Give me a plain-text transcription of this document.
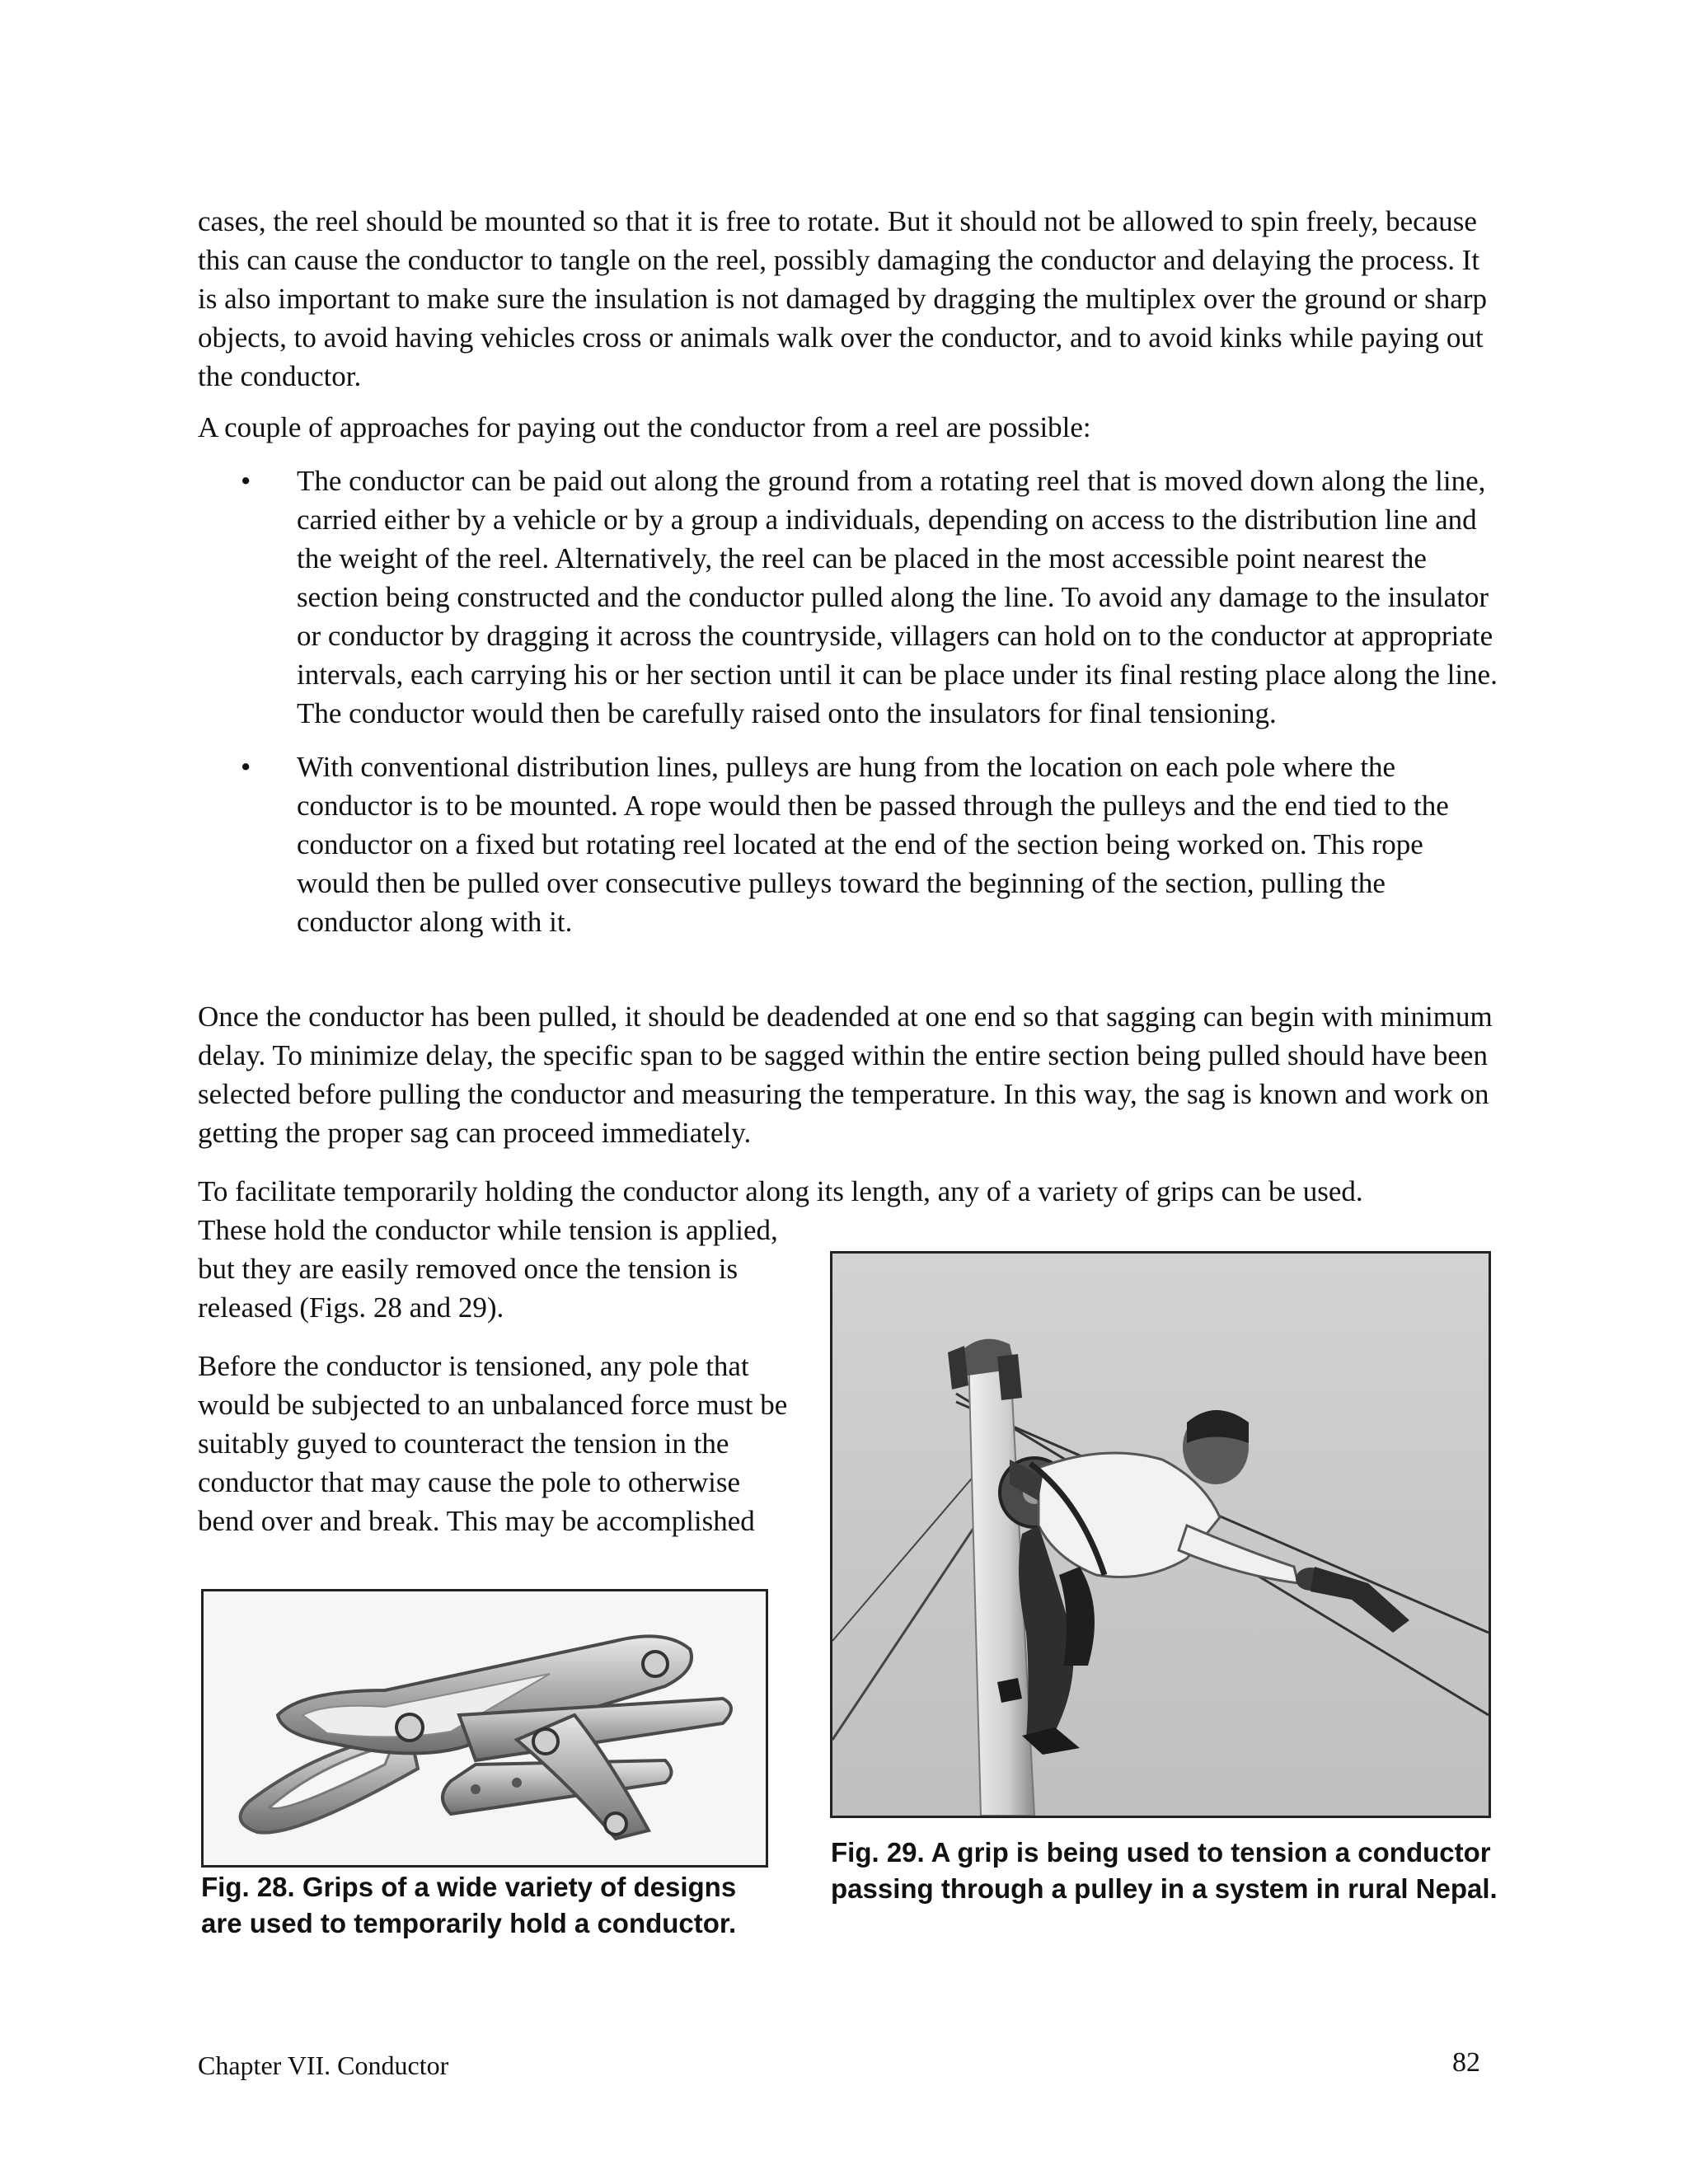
cases, the reel should be mounted so that it is free to rotate. But it should not be allowed to spin freely, because this can cause the conductor to tangle on the reel, possibly damaging the conductor and delaying the process. It is also important to make sure the insulation is not damaged by dragging the multiplex over the ground or sharp objects, to avoid having vehicles cross or animals walk over the conductor, and to avoid kinks while paying out the conductor.

A couple of approaches for paying out the conductor from a reel are possible:

• The conductor can be paid out along the ground from a rotating reel that is moved down along the line, carried either by a vehicle or by a group a individuals, depending on access to the distribution line and the weight of the reel. Alternatively, the reel can be placed in the most accessible point nearest the section being constructed and the conductor pulled along the line. To avoid any damage to the insulator or conductor by dragging it across the countryside, villagers can hold on to the conductor at appropriate intervals, each carrying his or her section until it can be place under its final resting place along the line. The conductor would then be carefully raised onto the insulators for final tensioning.
• With conventional distribution lines, pulleys are hung from the location on each pole where the conductor is to be mounted. A rope would then be passed through the pulleys and the end tied to the conductor on a fixed but rotating reel located at the end of the section being worked on. This rope would then be pulled over consecutive pulleys toward the beginning of the section, pulling the conductor along with it.

Once the conductor has been pulled, it should be deadended at one end so that sagging can begin with minimum delay. To minimize delay, the specific span to be sagged within the entire section being pulled should have been selected before pulling the conductor and measuring the temperature. In this way, the sag is known and work on getting the proper sag can proceed immediately.

To facilitate temporarily holding the conductor along its length, any of a variety of grips can be used.

These hold the conductor while tension is applied, but they are easily removed once the tension is released (Figs. 28 and 29).

Before the conductor is tensioned, any pole that would be subjected to an unbalanced force must be suitably guyed to counteract the tension in the conductor that may cause the pole to otherwise bend over and break. This may be accomplished

Fig. 28. Grips of a wide variety of designs are used to temporarily hold a conductor.

Fig. 29. A grip is being used to tension a conductor passing through a pulley in a system in rural Nepal.

Chapter VII. Conductor	82
